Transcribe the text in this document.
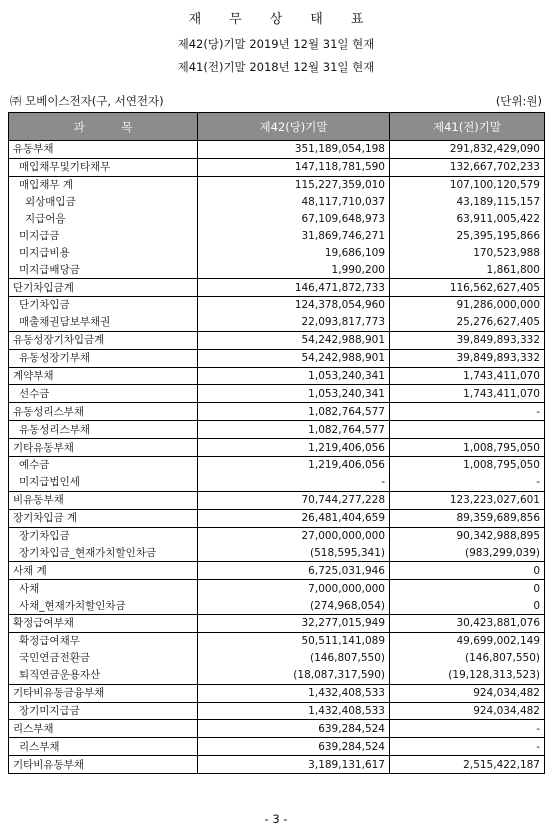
재 무 상 태 표
제42(당)기말 2019년 12월 31일 현재
제41(전)기말 2018년 12월 31일 현재
㈜ 모베이스전자(구, 서연전자)	(단위:원)
과          목	제42(당)기말	제41(전)기말
유동부채	351,189,054,198	291,832,429,090
매입채무및기타채무	147,118,781,590	132,667,702,233
매입채무 계	115,227,359,010	107,100,120,579
외상매입금	48,117,710,037	43,189,115,157
지급어음	67,109,648,973	63,911,005,422
미지급금	31,869,746,271	25,395,195,866
미지급비용	19,686,109	170,523,988
미지급배당금	1,990,200	1,861,800
단기차입금계	146,471,872,733	116,562,627,405
단기차입금	124,378,054,960	91,286,000,000
매출채권담보부채권	22,093,817,773	25,276,627,405
유동성장기차입금계	54,242,988,901	39,849,893,332
유동성장기부채	54,242,988,901	39,849,893,332
계약부채	1,053,240,341	1,743,411,070
선수금	1,053,240,341	1,743,411,070
유동성리스부채	1,082,764,577	-
유동성리스부채	1,082,764,577	
기타유동부채	1,219,406,056	1,008,795,050
예수금	1,219,406,056	1,008,795,050
미지급법인세	-	-
비유동부채	70,744,277,228	123,223,027,601
장기차입금 계	26,481,404,659	89,359,689,856
장기차입금	27,000,000,000	90,342,988,895
장기차입금_현재가치할인차금	(518,595,341)	(983,299,039)
사채 계	6,725,031,946	0
사채	7,000,000,000	0
사채_현재가치할인차금	(274,968,054)	0
확정급여부채	32,277,015,949	30,423,881,076
확정급여채무	50,511,141,089	49,699,002,149
국민연금전환금	(146,807,550)	(146,807,550)
퇴직연금운용자산	(18,087,317,590)	(19,128,313,523)
기타비유동금융부채	1,432,408,533	924,034,482
장기미지급금	1,432,408,533	924,034,482
리스부채	639,284,524	-
리스부채	639,284,524	-
기타비유동부채	3,189,131,617	2,515,422,187
- 3 -
